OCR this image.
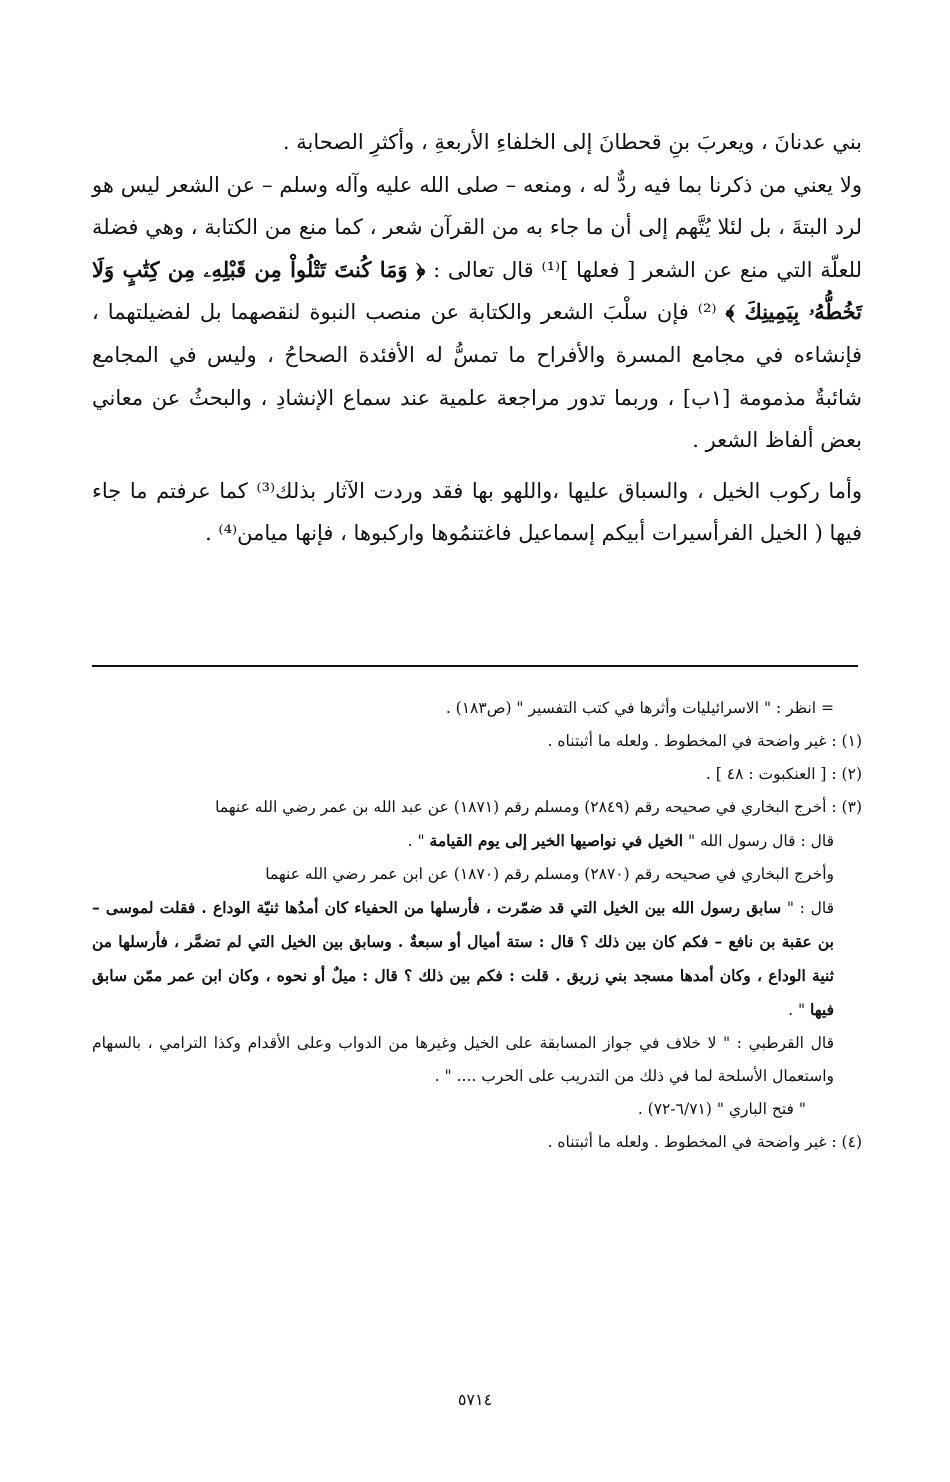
بني عدنانَ ، ويعربَ بنِ قحطانَ إلى الخلفاءِ الأربعةِ ، وأكثرِ الصحابة .

ولا يعني من ذكرنا بما فيه ردٌّ له ، ومنعه – صلى الله عليه وآله وسلم – عن الشعر ليس هو لرد البتةَ ، بل لئلا يُتَّهم إلى أن ما جاء به من القرآن شعر ، كما منع من الكتابة ، وهي فضلة للعلّة التي منع عن الشعر [ فعلها ]⁽¹⁾ قال تعالى : ﴿ وَمَا كُنتَ تَتْلُواْ مِن قَبْلِهِۦ مِن كِتَٰبٍ وَلَا تَخُطُّهُۥ بِيَمِينِكَ ﴾ ⁽²⁾ فإن سلْبَ الشعر والكتابة عن منصب النبوة لنقصهما بل لفضيلتهما ، فإنشاءه في مجامع المسرة والأفراح ما تمسُّ له الأفئدة الصحاحُ ، وليس في المجامع شائبةٌ مذمومة [١ب] ، وربما تدور مراجعة علمية عند سماع الإنشادِ ، والبحثُ عن معاني بعض ألفاظ الشعر .

وأما ركوب الخيل ، والسباق عليها ،واللهو بها فقد وردت الآثار بذلك⁽³⁾ كما عرفتم ما جاء فيها ( الخيل الفرأسيرات أبيكم إسماعيل فاغتنمُوها واركبوها ، فإنها ميامن⁽⁴⁾ .

= انظر : " الاسرائيليات وأثرها في كتب التفسير " (ص١٨٣) .

(١) : غير واضحة في المخطوط . ولعله ما أثبتناه .

(٢) : [ العنكبوت : ٤٨ ] .

(٣) : أخرج البخاري في صحيحه رقم (٢٨٤٩) ومسلم رقم (١٨٧١) عن عبد الله بن عمر رضي الله عنهما

قال : قال رسول الله " الخيل في نواصيها الخير إلى يوم القيامة " .

وأخرج البخاري في صحيحه رقم (٢٨٧٠) ومسلم رقم (١٨٧٠) عن ابن عمر رضي الله عنهما

قال : " سابق رسول الله بين الخيل التي قد ضمّرت ، فأرسلها من الحفياء كان أمدُها ثنيّة الوداع . فقلت لموسى – بن عقبة بن نافع – فكم كان بين ذلك ؟ قال : ستة أميال أو سبعةٌ . وسابق بين الخيل التي لم تضمَّر ، فأرسلها من ثنية الوداع ، وكان أمدها مسجد بني زريق . قلت : فكم بين ذلك ؟ قال : ميلٌ أو نحوه ، وكان ابن عمر ممّن سابق فيها " .

قال القرطبي : " لا خلاف في جواز المسابقة على الخيل وغيرها من الدواب وعلى الأقدام وكذا الترامي ، بالسهام واستعمال الأسلحة لما في ذلك من التدريب على الحرب .... " .

" فتح الباري " (٦/٧١-٧٢) .

(٤) : غير واضحة في المخطوط . ولعله ما أثبتناه .

٥٧١٤
